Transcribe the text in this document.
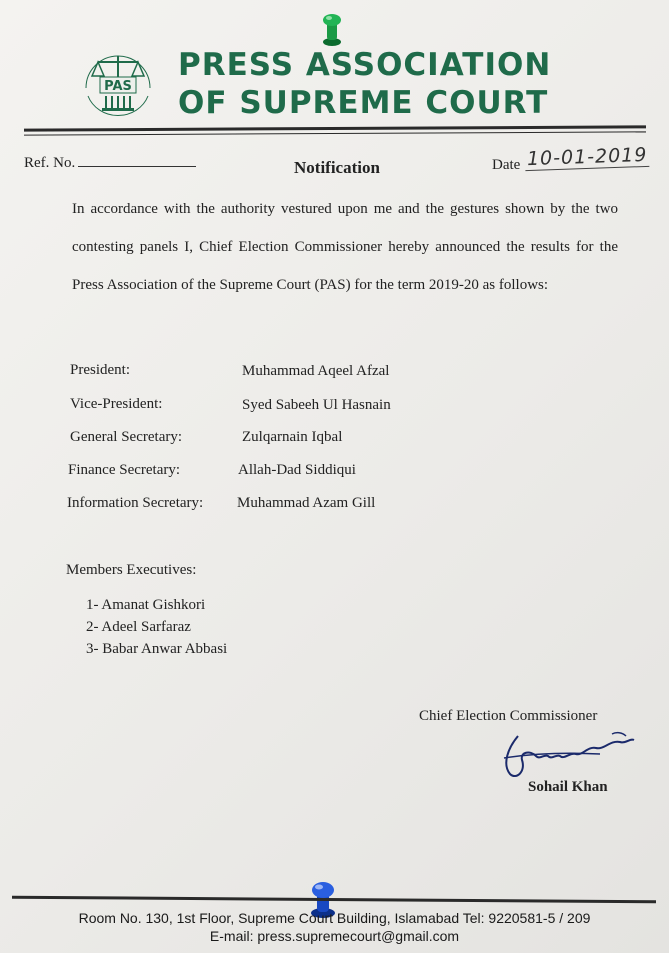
PAS
PRESS ASSOCIATION
OF SUPREME COURT
Ref. No.	Notification	Date 10-01-2019

In accordance with the authority vestured upon me and the gestures shown by the two contesting panels I, Chief Election Commissioner hereby announced the results for the Press Association of the Supreme Court (PAS) for the term 2019-20 as follows:

President:	Muhammad Aqeel Afzal
Vice-President:	Syed Sabeeh Ul Hasnain
General Secretary:	Zulqarnain Iqbal
Finance Secretary:	Allah-Dad Siddiqui
Information Secretary: Muhammad Azam Gill
Members Executives:
1- Amanat Gishkori
2- Adeel Sarfaraz
3- Babar Anwar Abbasi
Chief Election Commissioner
Sohail Khan
Room No. 130, 1st Floor, Supreme Court Building, Islamabad Tel: 9220581-5 / 209
E-mail: press.supremecourt@gmail.com
